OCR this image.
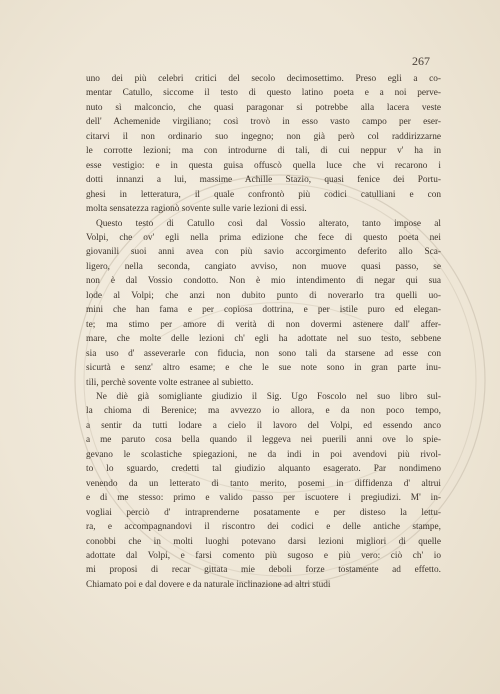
267

uno dei più celebri critici del secolo decimosettimo. Preso egli a co-
mentar Catullo, siccome il testo di questo latino poeta e a noi perve-
nuto sì malconcio, che quasi paragonar si potrebbe alla lacera veste
dell' Achemenide virgiliano; così trovò in esso vasto campo per eser-
citarvi il non ordinario suo ingegno; non già però col raddirizzarne
le corrotte lezioni; ma con introdurne di tali, di cui neppur v' ha in
esse vestigio: e in questa guisa offuscò quella luce che vi recarono i
dotti innanzi a lui, massime Achille Stazio, quasi fenice dei Portu-
ghesi in letteratura, il quale confrontò più codici catulliani e con
molta sensatezza ragionò sovente sulle varie lezioni di essi.

Questo testo di Catullo così dal Vossio alterato, tanto impose al
Volpi, che ov' egli nella prima edizione che fece di questo poeta nei
giovanili suoi anni avea con più savio accorgimento deferito allo Sca-
ligero, nella seconda, cangiato avviso, non muove quasi passo, se
non è dal Vossio condotto. Non è mio intendimento di negar qui sua
lode al Volpi; che anzi non dubito punto di noverarlo tra quelli uo-
mini che han fama e per copiosa dottrina, e per istile puro ed elegan-
te; ma stimo per amore di verità di non dovermi astenere dall' affer-
mare, che molte delle lezioni ch' egli ha adottate nel suo testo, sebbene
sia uso d' asseverarle con fiducia, non sono tali da starsene ad esse con
sicurtà e senz' altro esame; e che le sue note sono in gran parte inu-
tili, perchè sovente volte estranee al subietto.

Ne diè già somigliante giudizio il Sig. Ugo Foscolo nel suo libro sul-
la chioma di Berenice; ma avvezzo io allora, e da non poco tempo,
a sentir da tutti lodare a cielo il lavoro del Volpi, ed essendo anco
a me paruto cosa bella quando il leggeva nei puerili anni ove lo spie-
gevano le scolastiche spiegazioni, ne da indi in poi avendovi più rivol-
to lo sguardo, credetti tal giudizio alquanto esagerato. Par nondimeno
venendo da un letterato di tanto merito, posemi in diffidenza d' altrui
e di me stesso: primo e valido passo per iscuotere i pregiudizi. M' in-
vogliai perciò d' intraprenderne posatamente e per disteso la lettu-
ra, e accompagnandovi il riscontro dei codici e delle antiche stampe,
conobbi che in molti luoghi potevano darsi lezioni migliori di quelle
adottate dal Volpi, e farsi comento più sugoso e più vero: ciò ch' io
mi proposi di recar gittata mie deboli forze tostamente ad effetto.
Chiamato poi e dal dovere e da naturale inclinazione ad altri studi
